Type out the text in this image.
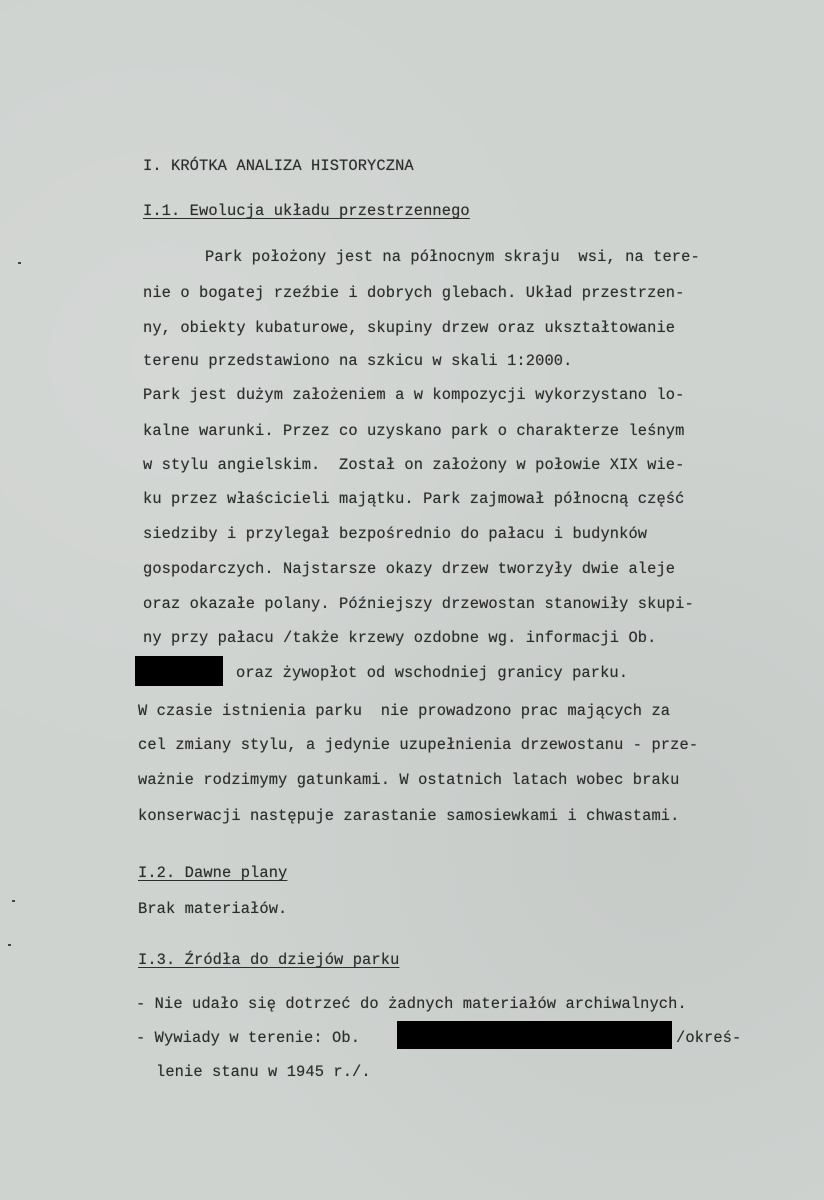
I. KRÓTKA ANALIZA HISTORYCZNA
I.1. Ewolucja układu przestrzennego
Park położony jest na północnym skraju  wsi, na tere-
nie o bogatej rzeźbie i dobrych glebach. Układ przestrzen-
ny, obiekty kubaturowe, skupiny drzew oraz ukształtowanie
terenu przedstawiono na szkicu w skali 1:2000.
Park jest dużym założeniem a w kompozycji wykorzystano lo-
kalne warunki. Przez co uzyskano park o charakterze leśnym
w stylu angielskim.  Został on założony w połowie XIX wie-
ku przez właścicieli majątku. Park zajmował północną część
siedziby i przylegał bezpośrednio do pałacu i budynków
gospodarczych. Najstarsze okazy drzew tworzyły dwie aleje
oraz okazałe polany. Późniejszy drzewostan stanowiły skupi-
ny przy pałacu /także krzewy ozdobne wg. informacji Ob.
oraz żywopłot od wschodniej granicy parku.
W czasie istnienia parku  nie prowadzono prac mających za
cel zmiany stylu, a jedynie uzupełnienia drzewostanu - prze-
ważnie rodzimymy gatunkami. W ostatnich latach wobec braku
konserwacji następuje zarastanie samosiewkami i chwastami.
I.2. Dawne plany
Brak materiałów.
I.3. Źródła do dziejów parku
- Nie udało się dotrzeć do żadnych materiałów archiwalnych.
- Wywiady w terenie: Ob.	/okreś-
lenie stanu w 1945 r./.
